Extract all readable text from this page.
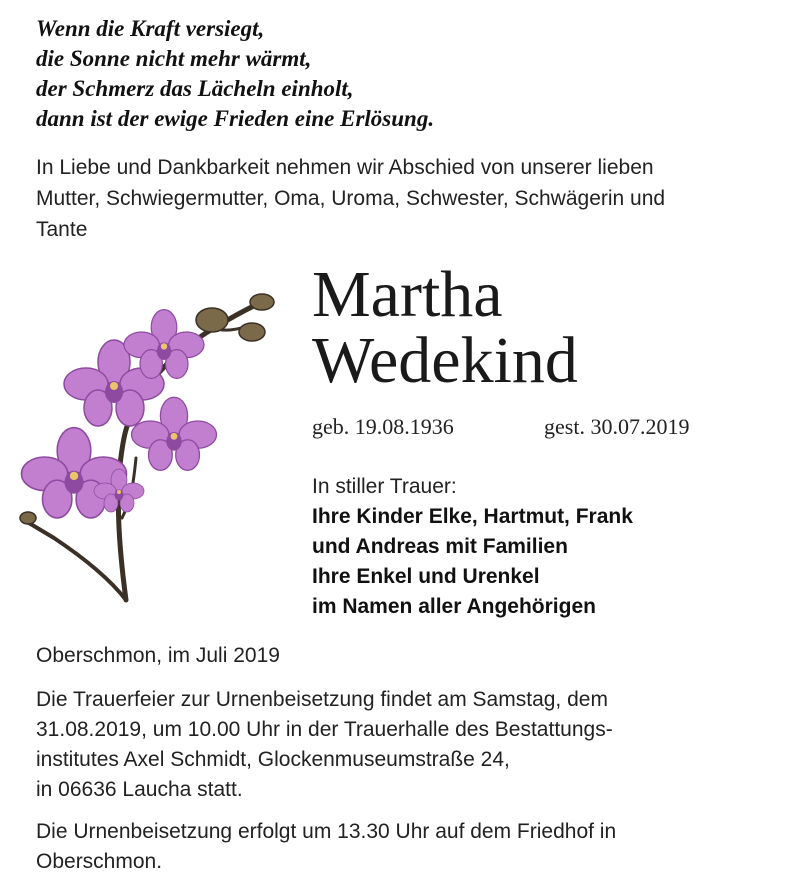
Wenn die Kraft versiegt,
die Sonne nicht mehr wärmt,
der Schmerz das Lächeln einholt,
dann ist der ewige Frieden eine Erlösung.
In Liebe und Dankbarkeit nehmen wir Abschied von unserer lieben
Mutter, Schwiegermutter, Oma, Uroma, Schwester, Schwägerin und
Tante
Martha
Wedekind
geb. 19.08.1936	gest. 30.07.2019
In stiller Trauer:
Ihre Kinder Elke, Hartmut, Frank
und Andreas mit Familien
Ihre Enkel und Urenkel
im Namen aller Angehörigen
Oberschmon, im Juli 2019
Die Trauerfeier zur Urnenbeisetzung findet am Samstag, dem
31.08.2019, um 10.00 Uhr in der Trauerhalle des Bestattungs-
institutes Axel Schmidt, Glockenmuseumstraße 24,
in 06636 Laucha statt.
Die Urnenbeisetzung erfolgt um 13.30 Uhr auf dem Friedhof in
Oberschmon.
